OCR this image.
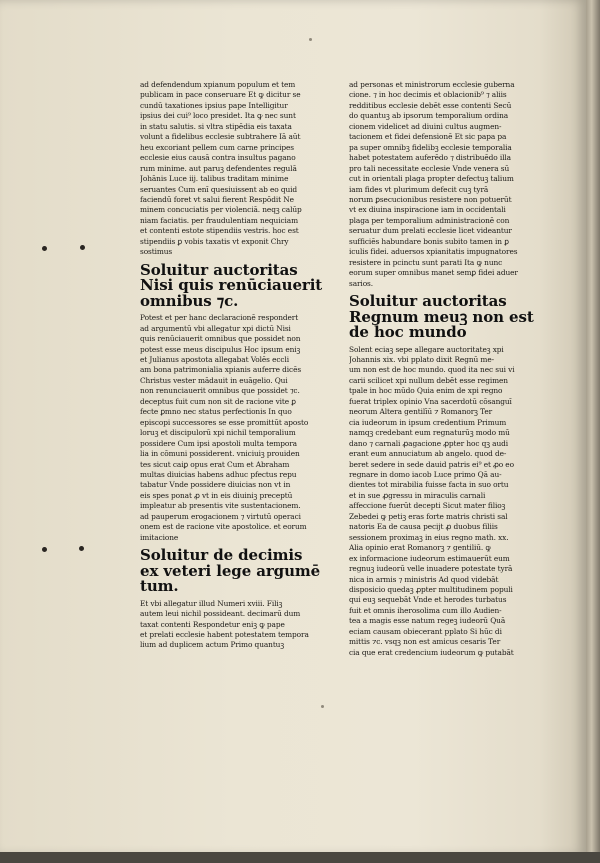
ad defendendum xpianum populum et tem
publicam in pace conseruare Et ꝙ dicitur se
cundū taxationes ipsius pape Intelligitur
ipsius dei cui⁹ loco presidet. Ita ꝙ nec sunt
in statu salutis. si vltra stipēdia eis taxata
volunt a fidelibus ecclesie subtrahere Iā aūt
heu excoriant pellem cum carne principes
ecclesie eius causā contra insultus pagano
rum minime. aut paruꝫ defendentes regulā
Johānis Luce iij. talibus traditam minime
seruantes Cum enī quesiuissent ab eo quid
faciendū foret vt salui fierent Respōdit Ne
minem concuciatis per violenciā. neqꝫ calūp
niam faciatis. per fraudulentiam nequiciam
et contenti estote stipendiis vestris. hoc est
stipendiis ꝑ vobis taxatis vt exponit Chry
sostimus

Soluitur auctoritas
Nisi quis renūciauerit
omnibus ⁊c.

Potest et per hanc declaracionē respondert
ad argumentū vbi allegatur xpi dictū Nisi
quis renūciauerit omnibus que possidet non
potest esse meus discipulus Hoc ipsum eniꝫ
et Julianus apostota allegabat Volēs eccli
am bona patrimonialia xpianis auferre dicēs
Christus vester mādauit in euāgelio. Qui
non renunciauerit omnibus que possidet ⁊c.
deceptus fuit cum non sit de racione vite ꝑ
fecte ꝑmno nec status perfectionis In quo
episcopi successores se esse promittūt aposto
loruꝫ et discipulorū xpi nichil temporalium
possidere Cum ipsi apostoli multa tempora
lia in cōmuni possiderent. vniciuiꝫ prouiden
tes sicut caiꝑ opus erat Cum et Abraham
multas diuicias habens adhuc pfectus repu
tabatur Vnde possidere diuicias non vt in
eis spes ponat ꝓ vt in eis diuiniꝫ preceptū
impleatur ab presentis vite sustentacionem.
ad pauperum erogacionem ⁊ virtutū operaci
onem est de racione vite apostolice. et eorum
imitacione

Soluitur de decimis
ex veteri lege argumē
tum.

Et vbi allegatur illud Numeri xviii. Filiꝫ
autem leui nichil possideant. decimarū dum
taxat contenti Respondetur eniꝫ ꝙ pape
et prelati ecclesie habent potestatem tempora
lium ad duplicem actum Primo quantuꝫ

ad personas et ministrorum ecclesie guberna
cione. ⁊ in hoc decimis et oblacionib⁹ ⁊ aliis
redditibus ecclesie debēt esse contenti Secū
do quantuꝫ ab ipsorum temporalium ordina
cionem videlicet ad diuini cultus augmen-
tacionem et fidei defensionē Et sic papa pa
pa super omnibꝫ fidelibꝫ ecclesie temporalia
habet potestatem auferēdo ⁊ distribuēdo illa
pro tali necessitate ecclesie Vnde venera sū
cut in orientali plaga propter defectuꝫ talium
iam fides vt plurimum defecit cuꝫ tyrā
norum ꝑsecucionibus resistere non potuerūt
vt ex diuina inspiracione iam in occidentali
plaga per temporalium administracionē con
seruatur dum prelati ecclesie licet videantur
sufficiēs habundare bonis subito tamen in ꝑ
iculis fidei. aduersos xpianitatis impugnatores
resistere in pcinctu sunt parati Ita ꝙ nunc
eorum super omnibus manet semꝑ fidei aduer
sarios.

Soluitur auctoritas
Regnum meuꝫ non est
de hoc mundo

Solent eciaꝫ sepe allegare auctoritateꝫ xpi
Johannis xix. vbi pplato dixit Regnū me-
um non est de hoc mundo. quod ita nec sui vi
carii scilicet xpi nullum debēt esse regimen
tpale in hoc mūdo Quia enim de xpi regno
fuerat triplex opinio Vna sacerdotū cōsanguī
neorum Altera gentilīū ⁊ Romanorꝫ Ter
cia iudeorum in ipsum credentium Primum
namqꝫ credebant eum regnaturūꝫ modo mū
dano ⁊ carnali ꝓagacione ꝓpter hoc qꝫ audi
erant eum annuciatum ab angelo. quod de-
beret sedere in sede dauid patris ei⁹ et ꝓo eo
regnare in domo iacob Luce primo Qā au-
dientes tot mirabilia fuisse facta in suo ortu
et in sue ꝓgressu in miraculis carnali
affeccione fuerūt decepti Sicut mater filioꝫ
Zebedei ꝙ petiꝫ eras forte matris christi sal
natoris Ea de causa pecijt ꝓ duobus filiis
sessionem proximaꝫ in eius regno math. xx.
Alia opinio erat Romanorꝫ ⁊ gentiliū. ꝙ
ex informacione iudeorum estimauerūt eum
regnuꝫ iudeorū velle inuadere potestate tyrā
nica in armis ⁊ ministris Ad quod videbāt
disposicio quedaꝫ ꝓpter multitudinem populi
qui euꝫ sequebāt Vnde et herodes turbatus
fuit et omnis iherosolima cum illo Audien-
tea a magis esse natum regeꝫ iudeorū Quā
eciam causam obiecerant pplato Si hūc di
mittis ⁊c. vsqꝫ non est amicus cesaris Ter
cia que erat credencium iudeorum ꝙ putabāt
